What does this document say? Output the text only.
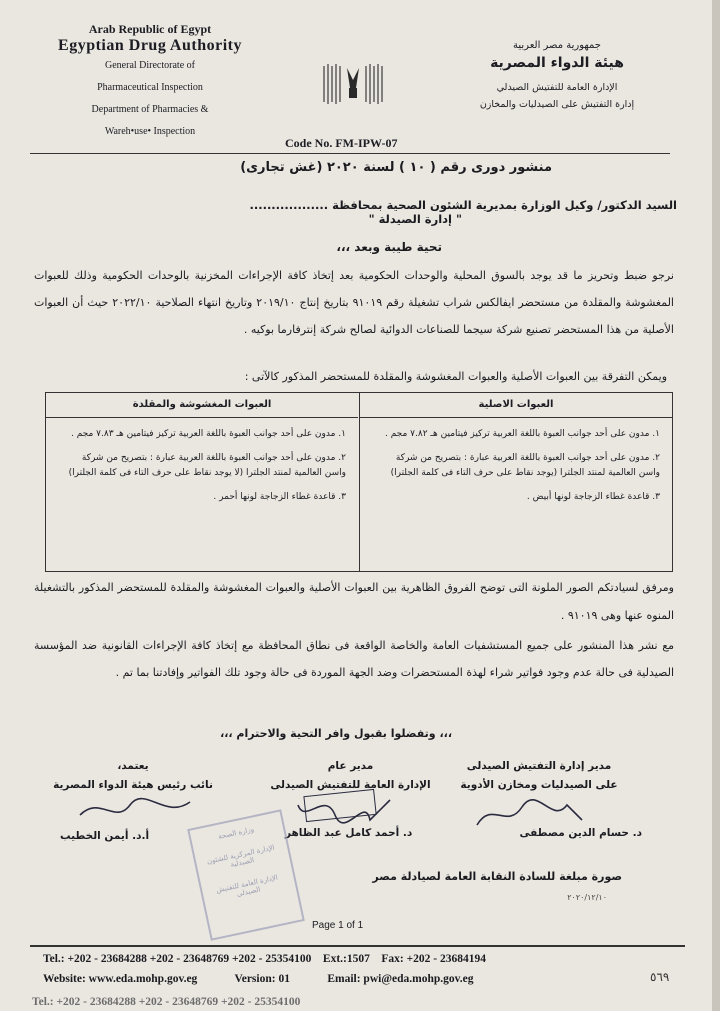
Arab Republic of Egypt
Egyptian Drug Authority
General Directorate of
Pharmaceutical Inspection
Department of Pharmacies &
Wareh•use• Inspection
جمهورية مصر العربية
هيئة الدواء المصرية
الإدارة العامة للتفتيش الصيدلي
إدارة التفتيش على الصيدليات والمخازن
Code No. FM-IPW-07
منشور دورى رقم ( ١٠ ) لسنة ٢٠٢٠ (غش تجارى)
السيد الدكتور/ وكيل الوزارة بمديرية الشئون الصحية بمحافظة ..................
" إدارة الصيدلة "
تحية طيبة وبعد ،،،
نرجو ضبط وتحريز ما قد يوجد بالسوق المحلية والوحدات الحكومية بعد إتخاذ كافة الإجراءات المخزنية بالوحدات الحكومية وذلك للعبوات المغشوشة والمقلدة من مستحضر ايفالكس شراب تشغيلة رقم ٩١٠١٩ بتاريخ إنتاج ٢٠١٩/١٠ وتاريخ انتهاء الصلاحية ٢٠٢٢/١٠ حيث أن العبوات الأصلية من هذا المستحضر تصنيع شركة سيجما للصناعات الدوائية لصالح شركة إنترفارما بوكيه .
ويمكن التفرقة بين العبوات الأصلية والعبوات المغشوشة والمقلدة للمستحضر المذكور كالآتى :
العبوات الاصلية
١. مدون على أحد جوانب العبوة باللغة العربية تركيز فيتامين هـ ٧.٨٢ مجم .
٢. مدون على أحد جوانب العبوة باللغة العربية عبارة : بتصريح من شركة واسن العالمية لمنتد الجلترا (يوجد نقاط على حرف التاء فى كلمة الجلترا)
٣. قاعدة غطاء الزجاجة لونها أبيض .
العبوات المغشوشة والمقلدة
١. مدون على أحد جوانب العبوة باللغة العربية تركيز فيتامين هـ ٧.٨٣ مجم .
٢. مدون على أحد جوانب العبوة باللغة العربية عبارة : بتصريح من شركة واسن العالمية لمنتد الجلترا (لا يوجد نقاط على حرف التاء فى كلمة الجلترا)
٣. قاعدة غطاء الزجاجة لونها أحمر .
ومرفق لسيادتكم الصور الملونة التى توضح الفروق الظاهرية بين العبوات الأصلية والعبوات المغشوشة والمقلدة للمستحضر المذكور بالتشغيلة المنوه عنها وهى ٩١٠١٩ .
مع نشر هذا المنشور على جميع المستشفيات العامة والخاصة الواقعة فى نطاق المحافظة مع إتخاذ كافة الإجراءات القانونية ضد المؤسسة الصيدلية فى حالة عدم وجود فواتير شراء لهذة المستحضرات وضد الجهة الموردة فى حالة وجود تلك الفواتير وإفادتنا بما تم .
،،، وتفضلوا بقبول وافر التحية والاحترام ،،،
مدير إدارة التفتيش الصيدلى
على الصيدليات ومخازن الأدوية
مدير عام
الإدارة العامة للتفتيش الصيدلى
يعتمد،
نائب رئيس هيئة الدواء المصرية
د. حسام الدين مصطفى
د. أحمد كامل عبد الظاهر
أ.د. أيمن الخطيب	وزارة الصحة
الإدارة المركزية للشئون الصيدلية
الإدارة العامة للتفتيش الصيدلى
صورة مبلغة للسادة النقابة العامة لصيادلة مصر
٢٠٢٠/١٢/١٠
Page 1 of 1
Tel.: +202 - 23684288 +202 - 23648769 +202 - 25354100 Ext.:1507 Fax: +202 - 23684194
Website: www.eda.mohp.gov.eg	Version: 01	Email: pwi@eda.mohp.gov.eg
Tel.: +202 - 23684288 +202 - 23648769 +202 - 25354100
٥٦٩
